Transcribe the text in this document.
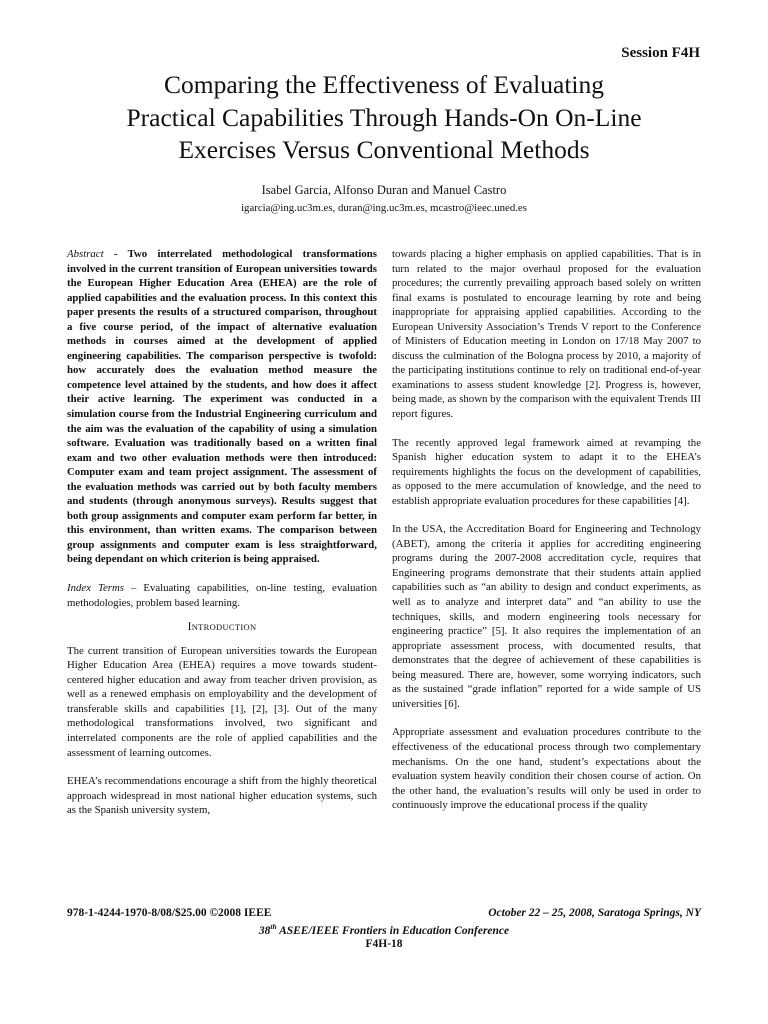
Session F4H
Comparing the Effectiveness of Evaluating
Practical Capabilities Through Hands-On On-Line
Exercises Versus Conventional Methods
Isabel Garcia, Alfonso Duran and Manuel Castro
igarcia@ing.uc3m.es, duran@ing.uc3m.es, mcastro@ieec.uned.es

Abstract - Two interrelated methodological transformations involved in the current transition of European universities towards the European Higher Education Area (EHEA) are the role of applied capabilities and the evaluation process. In this context this paper presents the results of a structured comparison, throughout a five course period, of the impact of alternative evaluation methods in courses aimed at the development of applied engineering capabilities. The comparison perspective is twofold: how accurately does the evaluation method measure the competence level attained by the students, and how does it affect their active learning. The experiment was conducted in a simulation course from the Industrial Engineering curriculum and the aim was the evaluation of the capability of using a simulation software. Evaluation was traditionally based on a written final exam and two other evaluation methods were then introduced: Computer exam and team project assignment. The assessment of the evaluation methods was carried out by both faculty members and students (through anonymous surveys). Results suggest that both group assignments and computer exam perform far better, in this environment, than written exams. The comparison between group assignments and computer exam is less straightforward, being dependant on which criterion is being appraised.

Index Terms – Evaluating capabilities, on-line testing, evaluation methodologies, problem based learning.

INTRODUCTION

The current transition of European universities towards the European Higher Education Area (EHEA) requires a move towards student-centered higher education and away from teacher driven provision, as well as a renewed emphasis on employability and the development of transferable skills and capabilities [1], [2], [3]. Out of the many methodological transformations involved, two significant and interrelated components are the role of applied capabilities and the assessment of learning outcomes.

EHEA’s recommendations encourage a shift from the highly theoretical approach widespread in most national higher education systems, such as the Spanish university system,

towards placing a higher emphasis on applied capabilities. That is in turn related to the major overhaul proposed for the evaluation procedures; the currently prevailing approach based solely on written final exams is postulated to encourage learning by rote and being inappropriate for appraising applied capabilities. According to the European University Association’s Trends V report to the Conference of Ministers of Education meeting in London on 17/18 May 2007 to discuss the culmination of the Bologna process by 2010, a majority of the participating institutions continue to rely on traditional end-of-year examinations to assess student knowledge [2]. Progress is, however, being made, as shown by the comparison with the equivalent Trends III report figures.

The recently approved legal framework aimed at revamping the Spanish higher education system to adapt it to the EHEA’s requirements highlights the focus on the development of capabilities, as opposed to the mere accumulation of knowledge, and the need to establish appropriate evaluation procedures for these capabilities [4].

In the USA, the Accreditation Board for Engineering and Technology (ABET), among the criteria it applies for accrediting engineering programs during the 2007-2008 accreditation cycle, requires that Engineering programs demonstrate that their students attain applied capabilities such as “an ability to design and conduct experiments, as well as to analyze and interpret data” and “an ability to use the techniques, skills, and modern engineering tools necessary for engineering practice” [5]. It also requires the implementation of an appropriate assessment process, with documented results, that demonstrates that the degree of achievement of these capabilities is being measured. There are, however, some worrying indicators, such as the sustained “grade inflation” reported for a wide sample of US universities [6].

Appropriate assessment and evaluation procedures contribute to the effectiveness of the educational process through two complementary mechanisms. On the one hand, student’s expectations about the evaluation system heavily condition their chosen course of action. On the other hand, the evaluation’s results will only be used in order to continuously improve the educational process if the quality

978-1-4244-1970-8/08/$25.00 ©2008 IEEE	October 22 – 25, 2008, Saratoga Springs, NY
38th ASEE/IEEE Frontiers in Education Conference
F4H-18
